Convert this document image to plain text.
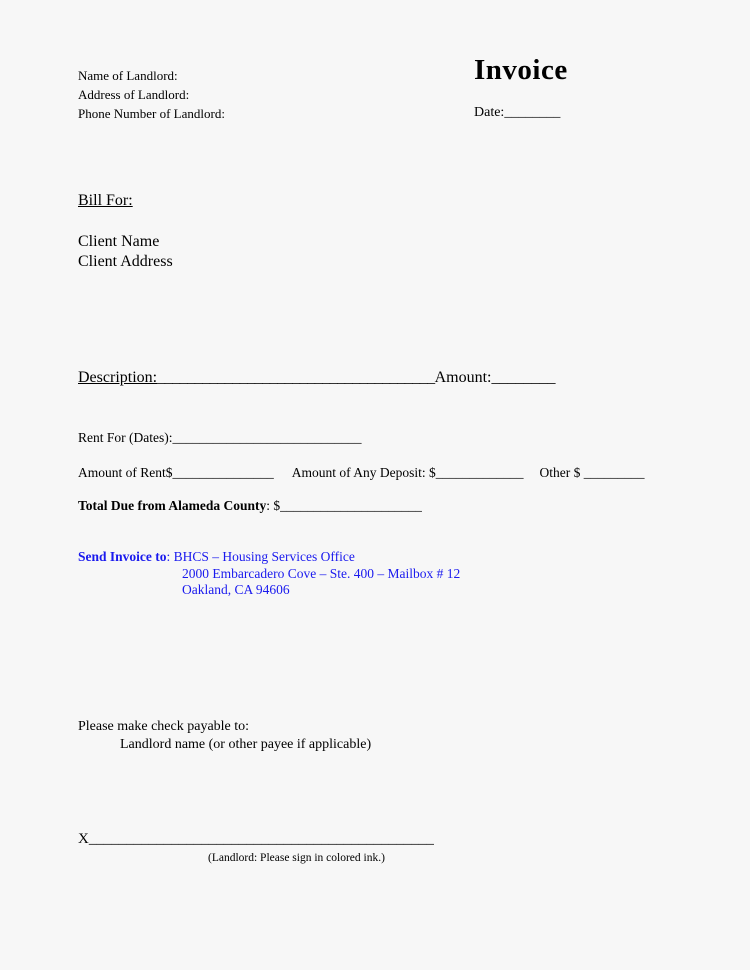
Name of Landlord:
Address of Landlord:
Phone Number of Landlord:
Invoice
Date:________
Bill For:
Client Name
Client Address
Description:_____________________________________Amount:________
Rent For (Dates):____________________________
Amount of Rent$_______________ Amount of Any Deposit: $_____________ Other $ _________
Total Due from Alameda County: $_____________________
Send Invoice to: BHCS – Housing Services Office
2000 Embarcadero Cove – Ste. 400 – Mailbox # 12
Oakland, CA 94606
Please make check payable to:
Landlord name (or other payee if applicable)
X______________________________________________
(Landlord: Please sign in colored ink.)
